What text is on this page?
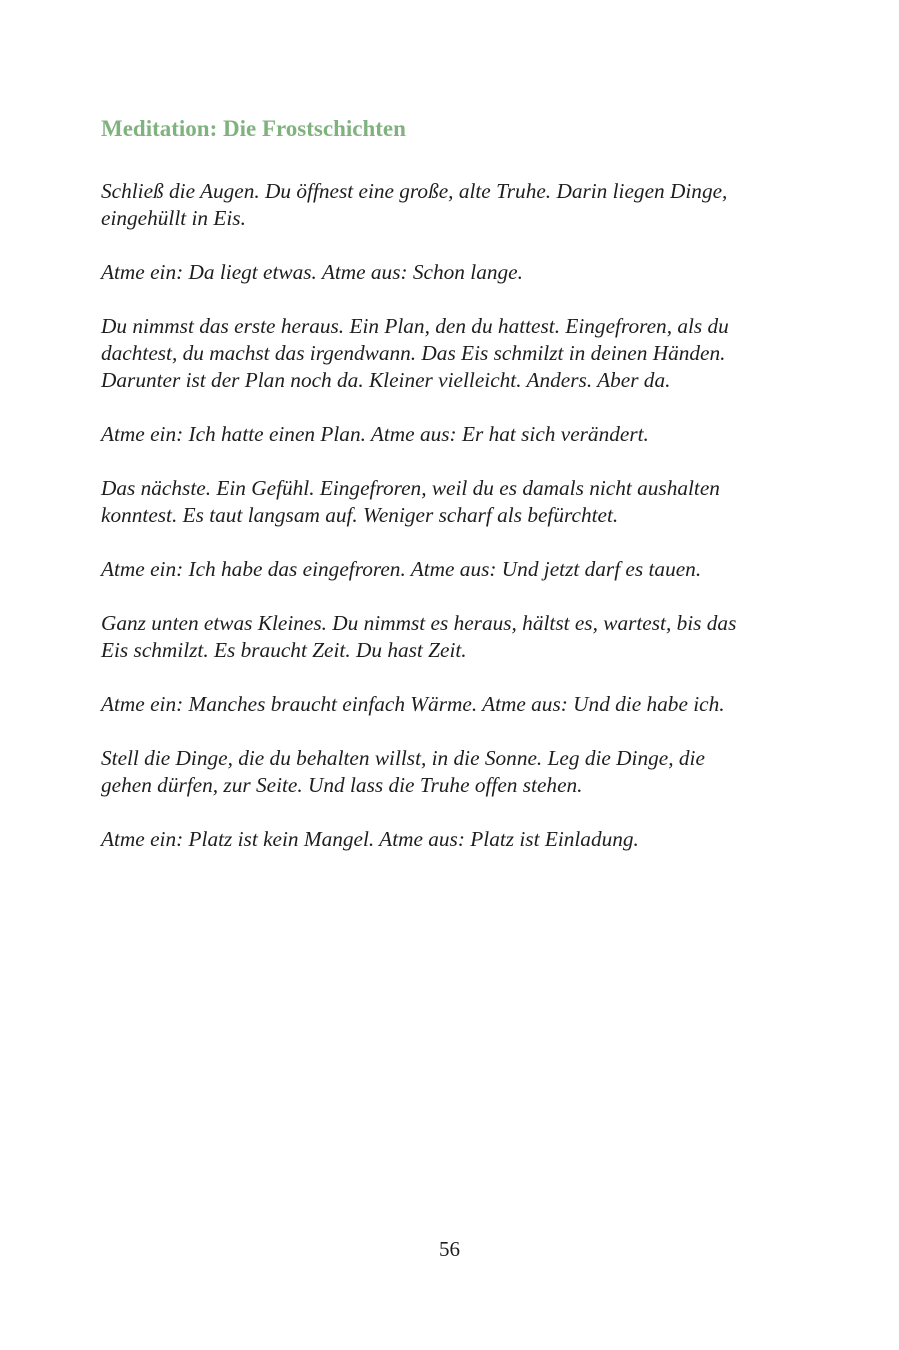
Meditation: Die Frostschichten

Schließ die Augen. Du öffnest eine große, alte Truhe. Darin liegen Dinge,
eingehüllt in Eis.

Atme ein: Da liegt etwas. Atme aus: Schon lange.

Du nimmst das erste heraus. Ein Plan, den du hattest. Eingefroren, als du
dachtest, du machst das irgendwann. Das Eis schmilzt in deinen Händen.
Darunter ist der Plan noch da. Kleiner vielleicht. Anders. Aber da.

Atme ein: Ich hatte einen Plan. Atme aus: Er hat sich verändert.

Das nächste. Ein Gefühl. Eingefroren, weil du es damals nicht aushalten
konntest. Es taut langsam auf. Weniger scharf als befürchtet.

Atme ein: Ich habe das eingefroren. Atme aus: Und jetzt darf es tauen.

Ganz unten etwas Kleines. Du nimmst es heraus, hältst es, wartest, bis das
Eis schmilzt. Es braucht Zeit. Du hast Zeit.

Atme ein: Manches braucht einfach Wärme. Atme aus: Und die habe ich.

Stell die Dinge, die du behalten willst, in die Sonne. Leg die Dinge, die
gehen dürfen, zur Seite. Und lass die Truhe offen stehen.

Atme ein: Platz ist kein Mangel. Atme aus: Platz ist Einladung.

56
